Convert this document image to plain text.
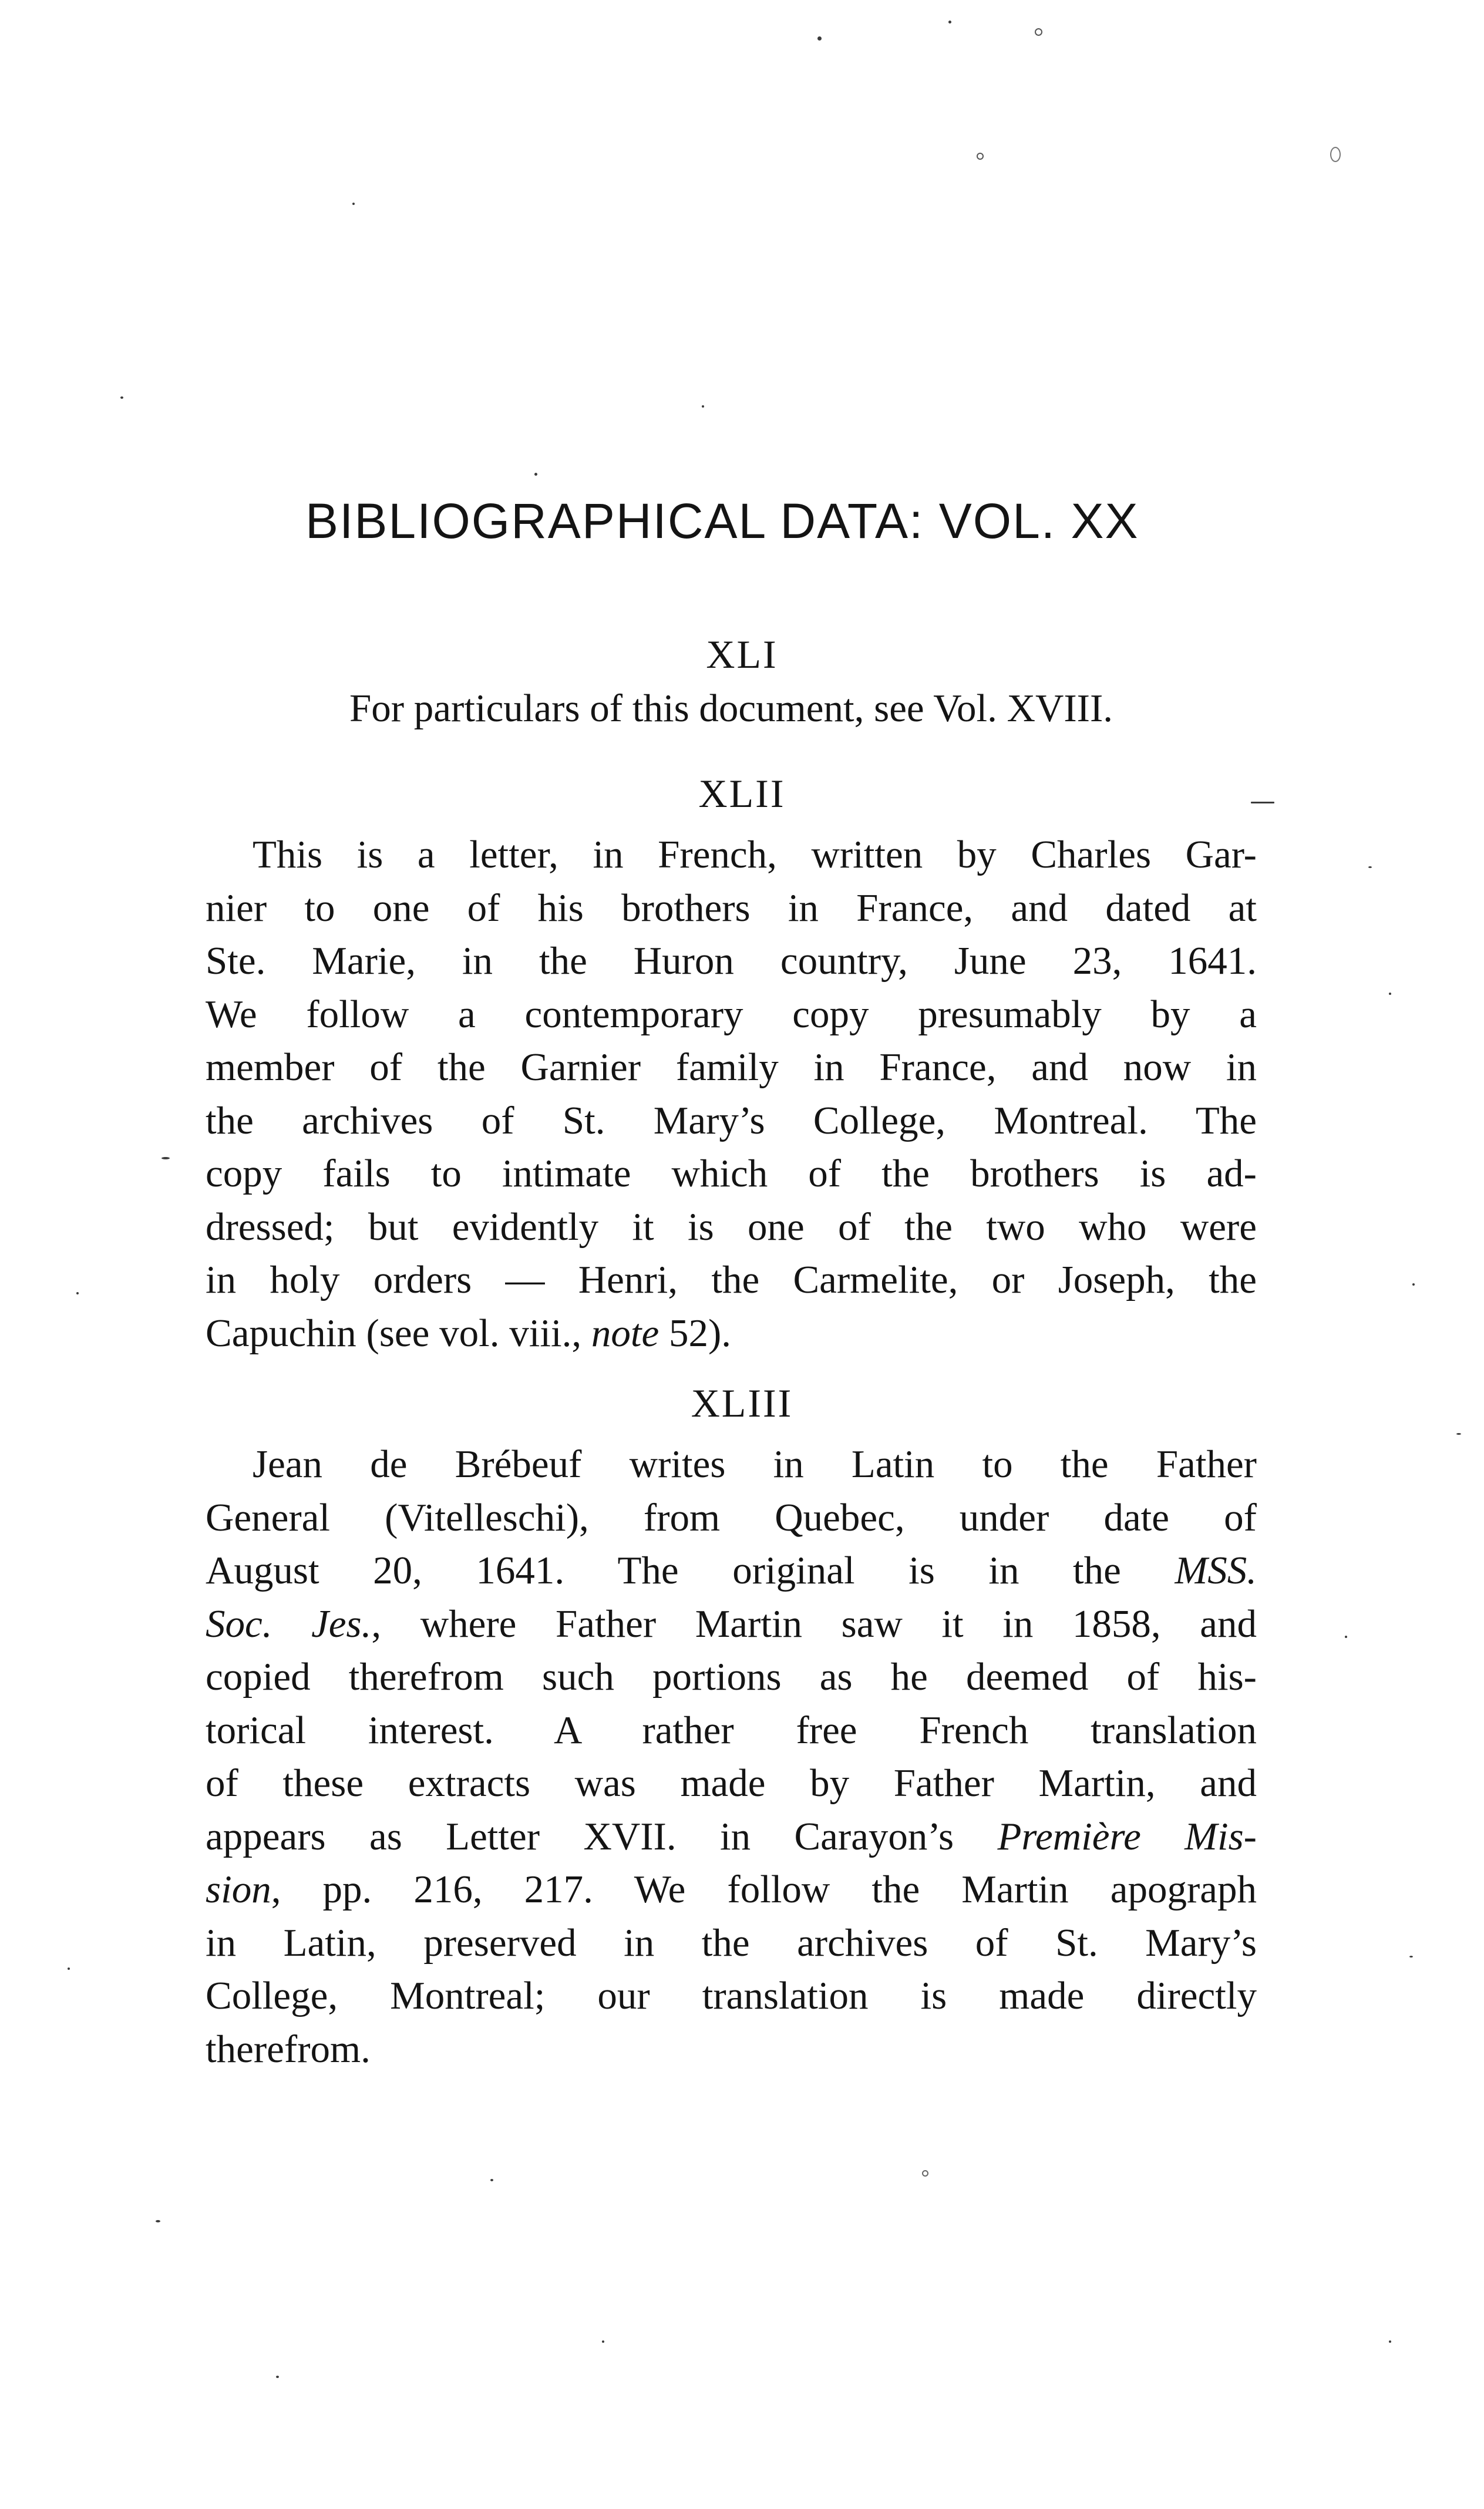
BIBLIOGRAPHICAL DATA: VOL. XX
XLI
For particulars of this document, see Vol. XVIII.
XLII
This is a letter, in French, written by Charles Gar-
nier to one of his brothers in France, and dated at
Ste. Marie, in the Huron country, June 23, 1641.
We follow a contemporary copy presumably by a
member of the Garnier family in France, and now in
the archives of St. Mary’s College, Montreal. The
copy fails to intimate which of the brothers is ad-
dressed; but evidently it is one of the two who were
in holy orders — Henri, the Carmelite, or Joseph, the
Capuchin (see vol. viii., note 52).
XLIII
Jean de Brébeuf writes in Latin to the Father
General (Vitelleschi), from Quebec, under date of
August 20, 1641. The original is in the MSS.
Soc. Jes., where Father Martin saw it in 1858, and
copied therefrom such portions as he deemed of his-
torical interest. A rather free French translation
of these extracts was made by Father Martin, and
appears as Letter XVII. in Carayon’s Première Mis-
sion, pp. 216, 217. We follow the Martin apograph
in Latin, preserved in the archives of St. Mary’s
College, Montreal; our translation is made directly
therefrom.
